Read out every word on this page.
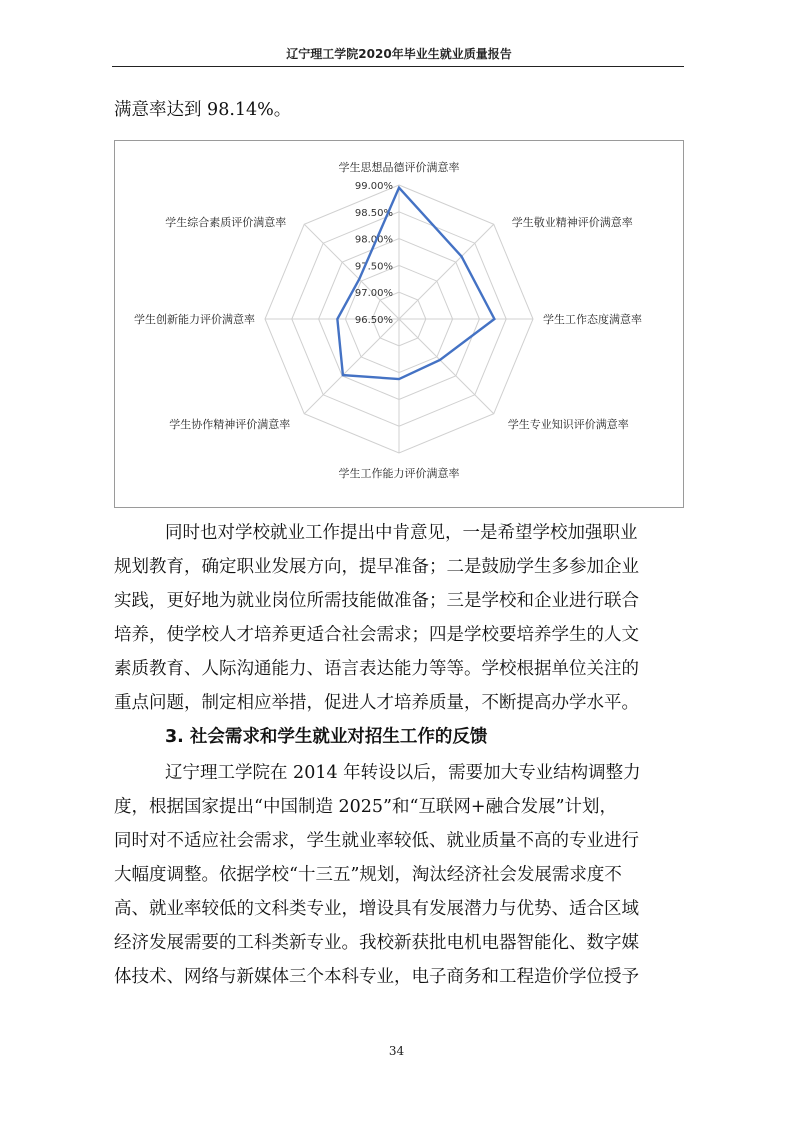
辽宁理工学院2020年毕业生就业质量报告
满意率达到 98.14%。
96.50%
97.00%
97.50%
98.00%
98.50%
99.00%
学生思想品德评价满意率
学生敬业精神评价满意率
学生工作态度满意率
学生专业知识评价满意率
学生工作能力评价满意率
学生协作精神评价满意率
学生创新能力评价满意率
学生综合素质评价满意率
同时也对学校就业工作提出中肯意见，一是希望学校加强职业
规划教育，确定职业发展方向，提早准备；二是鼓励学生多参加企业
实践，更好地为就业岗位所需技能做准备；三是学校和企业进行联合
培养，使学校人才培养更适合社会需求；四是学校要培养学生的人文
素质教育、人际沟通能力、语言表达能力等等。学校根据单位关注的
重点问题，制定相应举措，促进人才培养质量，不断提高办学水平。
3. 社会需求和学生就业对招生工作的反馈
辽宁理工学院在 2014 年转设以后，需要加大专业结构调整力
度，根据国家提出“中国制造 2025”和“互联网+融合发展”计划，
同时对不适应社会需求，学生就业率较低、就业质量不高的专业进行
大幅度调整。依据学校“十三五”规划，淘汰经济社会发展需求度不
高、就业率较低的文科类专业，增设具有发展潜力与优势、适合区域
经济发展需要的工科类新专业。我校新获批电机电器智能化、数字媒
体技术、网络与新媒体三个本科专业，电子商务和工程造价学位授予
34
